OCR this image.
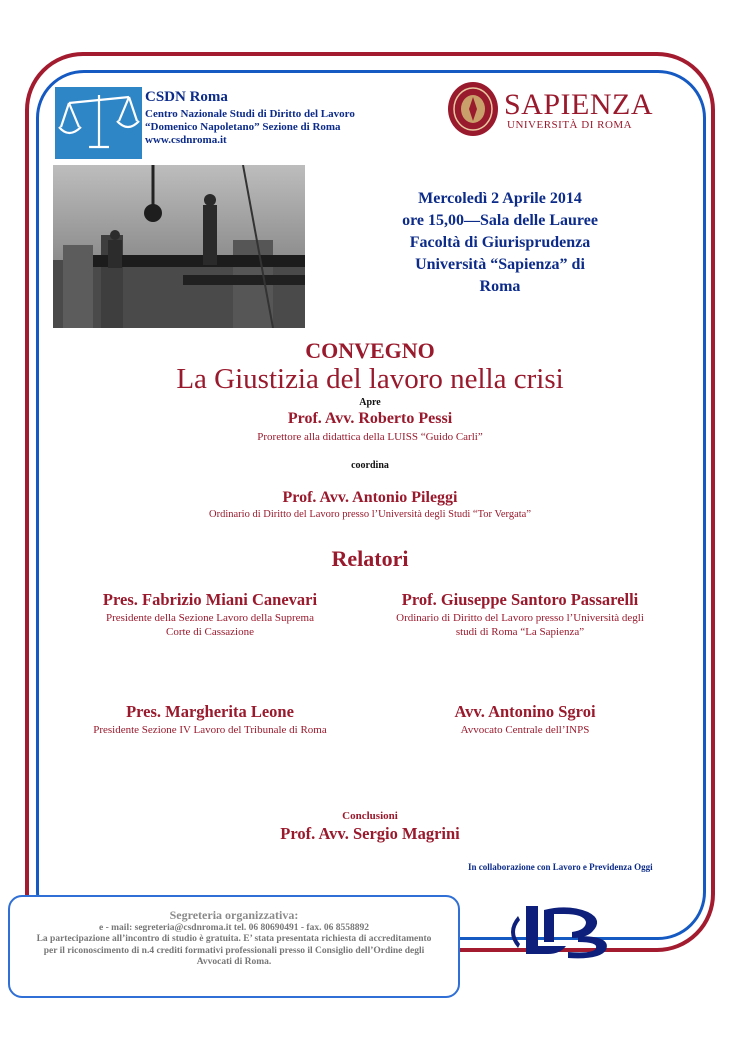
CSDN Roma
Centro Nazionale Studi di Diritto del Lavoro
“Domenico Napoletano” Sezione di Roma
www.csdnroma.it
SAPIENZA
UNIVERSITÀ DI ROMA
Mercoledì 2 Aprile 2014
ore 15,00—Sala delle Lauree
Facoltà di Giurisprudenza
Università “Sapienza” di
Roma
CONVEGNO
La Giustizia del lavoro nella crisi
Apre
Prof. Avv. Roberto Pessi
Prorettore alla didattica della LUISS “Guido Carli”
coordina
Prof. Avv. Antonio Pileggi
Ordinario di Diritto del Lavoro presso l’Università degli Studi “Tor Vergata”
Relatori
Pres. Fabrizio Miani Canevari
Presidente della Sezione Lavoro della Suprema
Corte di Cassazione
Prof. Giuseppe Santoro Passarelli
Ordinario di Diritto del Lavoro presso l’Università degli
studi di Roma “La Sapienza”
Pres. Margherita Leone
Presidente Sezione IV Lavoro del Tribunale di Roma
Avv. Antonino Sgroi
Avvocato Centrale dell’INPS
Conclusioni
Prof. Avv. Sergio Magrini
In collaborazione con Lavoro e Previdenza Oggi
Segreteria organizzativa:
e - mail: segreteria@csdnroma.it tel. 06 80690491 - fax. 06 8558892
La partecipazione all’incontro di studio è gratuita. E’ stata presentata richiesta di accreditamento
per il riconoscimento di n.4 crediti formativi professionali presso il Consiglio dell’Ordine degli
Avvocati di Roma.
